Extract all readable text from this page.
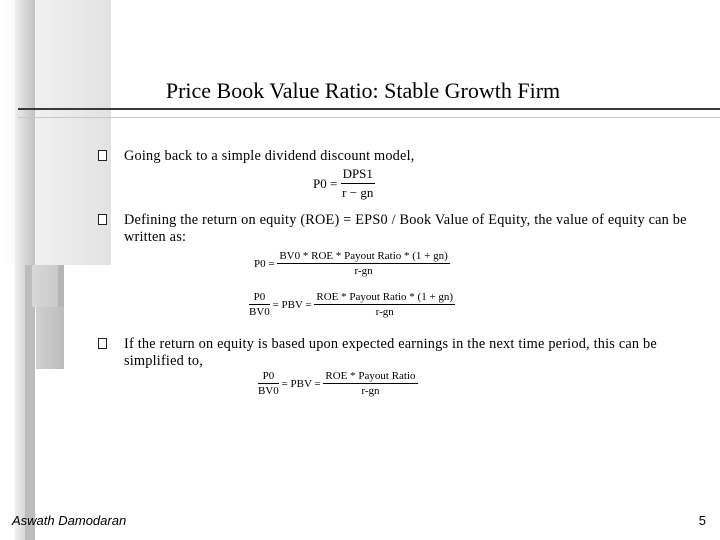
Price Book Value Ratio: Stable Growth Firm
Going back to a simple dividend discount model,
$P0 = \frac{\text{DPS1}}{r - gn}$
Defining the return on equity (ROE) = EPS0 / Book Value of Equity, the value of equity can be written as:
$P0 = \frac{\text{BV0 * ROE * Payout Ratio * (1 + gn)}}{r-gn}$
$\frac{P0}{BV0}$ = PBV = $\frac{\text{ROE * Payout Ratio * (1 + gn)}}{r-gn}$
If the return on equity is based upon expected earnings in the next time period, this can be simplified to,
$\frac{P0}{BV0}$ = PBV = $\frac{\text{ROE * Payout Ratio}}{r-gn}$
Aswath Damodaran	5
